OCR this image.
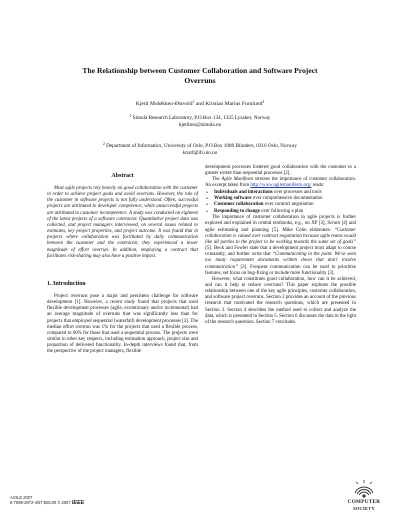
The Relationship between Customer Collaboration and Software Project
Overruns
Kjetil Moløkken-Østvold$^1$ and Kristian Marius Furulund$^2$
$^1$ Simula Research Laboratory, P.O.Box 134, 1325 Lysaker, Norway
kjetilmo@simula.no
$^2$ Department of Informatics, University of Oslo, P.O.Box 1080 Blindern, 0316 Oslo, Norway
kristf@ifi.uio.no
Abstract

Most agile projects rely heavily on good collaboration with the customer in order to achieve project goals and avoid overruns. However, the role of the customer in software projects is not fully understood. Often, successful projects are attributed to developer competence, while unsuccessful projects are attributed to customer incompetence. A study was conducted on eighteen of the latest projects of a software contractor. Quantitative project data was collected, and project managers interviewed, on several issues related to estimates, key project properties, and project outcome. It was found that in projects where collaboration was facilitated by daily communication between the customer and the contractor, they experienced a lesser magnitude of effort overrun. In addition, employing a contract that facilitates risk-sharing may also have a positive impact.

1. Introduction

Project overruns pose a major and persistent challenge for software development [1]. However, a recent study found that projects that used flexible development processes (agile, evolutionary and/or incremental) had an average magnitude of overruns that was significantly less than for projects that employed sequential (waterfall) development processes [2]. The median effort overrun was 1% for the projects that used a flexible process, compared to 60% for those that used a sequential process. The projects were similar in other key respects, including estimation approach, project size and proportion of delivered functionality. In-depth interviews found that, from the perspective of the project managers, flexible

development processes fostered good collaboration with the customer to a greater extent than sequential processes [2].

The Agile Manifesto stresses the importance of customer collaboration. An excerpt taken from http://www.agilemanifesto.org/ reads:

• Individuals and interactions over processes and tools
• Working software over comprehensive documentation
• Customer collaboration over contract negotiation
• Responding to change over following a plan

The importance of customer collaboration in agile projects is further explored and explained in central textbooks, e.g., on XP [3], Scrum [4] and agile estimating and planning [5]. Mike Cohn elaborates: “Customer collaboration is valued over contract negotiation because agile teams would like all parties to the project to be working towards the same set of goals” [5]. Beck and Fowler state that a development project must adapt to course constantly, and further write that “Communicating in the point. We've seen too many requirement documents written down that don't involve communication” [3]. Frequent communication can be used to prioritize features, set focus on bug-fixing or include more functionality [3].

However, what constitutes good collaboration, how can it be achieved, and can it help to reduce overruns? This paper explores the possible relationship between one of the key agile principles, customer collaboration, and software project overruns. Section 2 provides an account of the previous research that motivated the research questions, which are presented in Section 3. Section 4 describes the method used to collect and analyze the data, which is presented in Section 5. Section 6 discusses the data in the light of the research questions. Section 7 concludes.

AGILE 2007
0-7695-2872-4/07 $25.00 © 2007 IEEE	COMPUTER
SOCIETY
